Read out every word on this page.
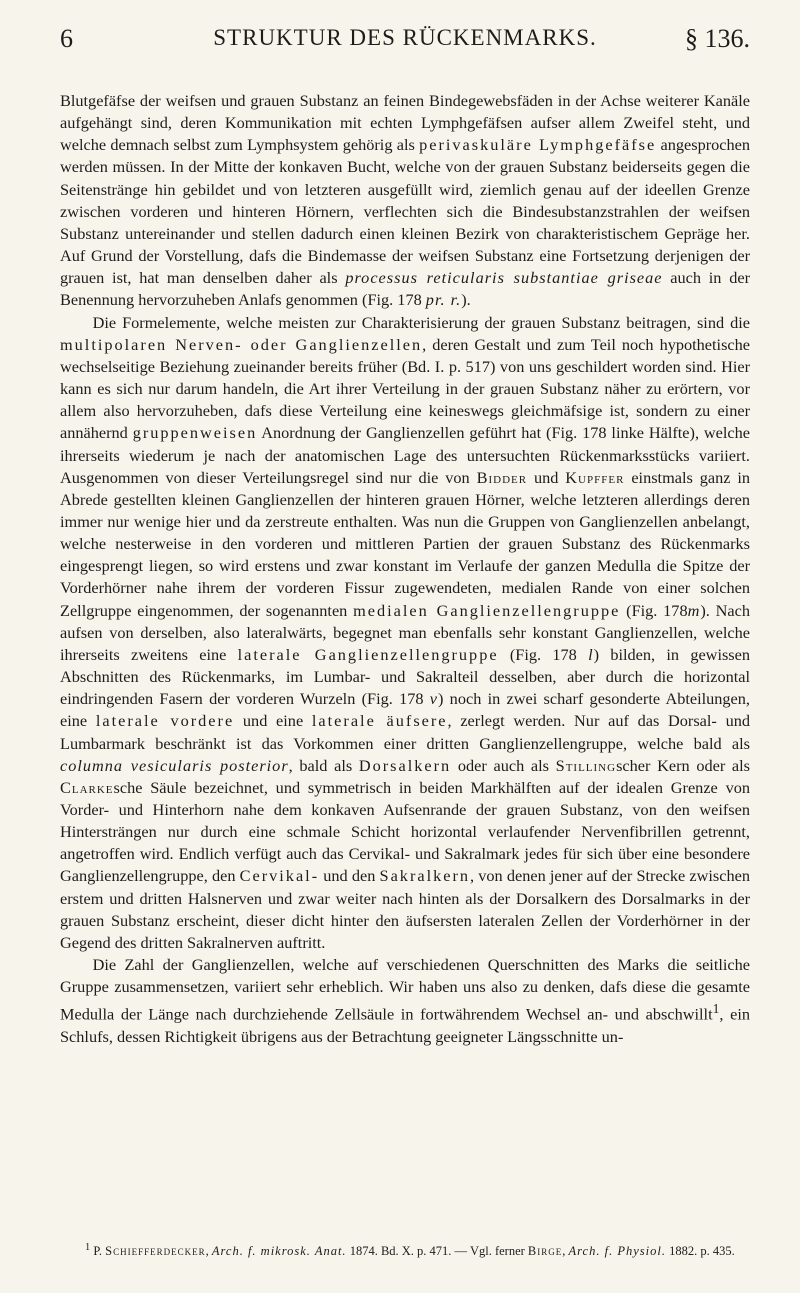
6	STRUKTUR DES RÜCKENMARKS.	§ 136.

Blutgefäfse der weifsen und grauen Substanz an feinen Bindegewebsfäden in der Achse weiterer Kanäle aufgehängt sind, deren Kommunikation mit echten Lymphgefäfsen aufser allem Zweifel steht, und welche demnach selbst zum Lymphsystem gehörig als perivaskuläre Lymphgefäfse angesprochen werden müssen. In der Mitte der konkaven Bucht, welche von der grauen Substanz beiderseits gegen die Seitenstränge hin gebildet und von letzteren ausgefüllt wird, ziemlich genau auf der ideellen Grenze zwischen vorderen und hinteren Hörnern, verflechten sich die Bindesubstanzstrahlen der weifsen Substanz untereinander und stellen dadurch einen kleinen Bezirk von charakteristischem Gepräge her. Auf Grund der Vorstellung, dafs die Bindemasse der weifsen Substanz eine Fortsetzung derjenigen der grauen ist, hat man denselben daher als processus reticularis substantiae griseae auch in der Benennung hervorzuheben Anlafs genommen (Fig. 178 pr. r.).

Die Formelemente, welche meisten zur Charakterisierung der grauen Substanz beitragen, sind die multipolaren Nerven- oder Ganglienzellen, deren Gestalt und zum Teil noch hypothetische wechselseitige Beziehung zueinander bereits früher (Bd. I. p. 517) von uns geschildert worden sind. Hier kann es sich nur darum handeln, die Art ihrer Verteilung in der grauen Substanz näher zu erörtern, vor allem also hervorzuheben, dafs diese Verteilung eine keineswegs gleichmäfsige ist, sondern zu einer annähernd gruppenweisen Anordnung der Ganglienzellen geführt hat (Fig. 178 linke Hälfte), welche ihrerseits wiederum je nach der anatomischen Lage des untersuchten Rückenmarksstücks variiert. Ausgenommen von dieser Verteilungsregel sind nur die von Bidder und Kupffer einstmals ganz in Abrede gestellten kleinen Ganglienzellen der hinteren grauen Hörner, welche letzteren allerdings deren immer nur wenige hier und da zerstreute enthalten. Was nun die Gruppen von Ganglienzellen anbelangt, welche nesterweise in den vorderen und mittleren Partien der grauen Substanz des Rückenmarks eingesprengt liegen, so wird erstens und zwar konstant im Verlaufe der ganzen Medulla die Spitze der Vorderhörner nahe ihrem der vorderen Fissur zugewendeten, medialen Rande von einer solchen Zellgruppe eingenommen, der sogenannten medialen Ganglienzellengruppe (Fig. 178m). Nach aufsen von derselben, also lateralwärts, begegnet man ebenfalls sehr konstant Ganglienzellen, welche ihrerseits zweitens eine laterale Ganglienzellengruppe (Fig. 178 l) bilden, in gewissen Abschnitten des Rückenmarks, im Lumbar- und Sakralteil desselben, aber durch die horizontal eindringenden Fasern der vorderen Wurzeln (Fig. 178 v) noch in zwei scharf gesonderte Abteilungen, eine laterale vordere und eine laterale äufsere, zerlegt werden. Nur auf das Dorsal- und Lumbarmark beschränkt ist das Vorkommen einer dritten Ganglienzellengruppe, welche bald als columna vesicularis posterior, bald als Dorsalkern oder auch als Stillingscher Kern oder als Clarkesche Säule bezeichnet, und symmetrisch in beiden Markhälften auf der idealen Grenze von Vorder- und Hinterhorn nahe dem konkaven Aufsenrande der grauen Substanz, von den weifsen Hintersträngen nur durch eine schmale Schicht horizontal verlaufender Nervenfibrillen getrennt, angetroffen wird. Endlich verfügt auch das Cervikal- und Sakralmark jedes für sich über eine besondere Ganglienzellengruppe, den Cervikal- und den Sakralkern, von denen jener auf der Strecke zwischen erstem und dritten Halsnerven und zwar weiter nach hinten als der Dorsalkern des Dorsalmarks in der grauen Substanz erscheint, dieser dicht hinter den äufsersten lateralen Zellen der Vorderhörner in der Gegend des dritten Sakralnerven auftritt.

Die Zahl der Ganglienzellen, welche auf verschiedenen Querschnitten des Marks die seitliche Gruppe zusammensetzen, variiert sehr erheblich. Wir haben uns also zu denken, dafs diese die gesamte Medulla der Länge nach durchziehende Zellsäule in fortwährendem Wechsel an- und abschwillt$^1$, ein Schlufs, dessen Richtigkeit übrigens aus der Betrachtung geeigneter Längsschnitte un-

$^1$ P. Schiefferdecker, Arch. f. mikrosk. Anat. 1874. Bd. X. p. 471. — Vgl. ferner Birge, Arch. f. Physiol. 1882. p. 435.
